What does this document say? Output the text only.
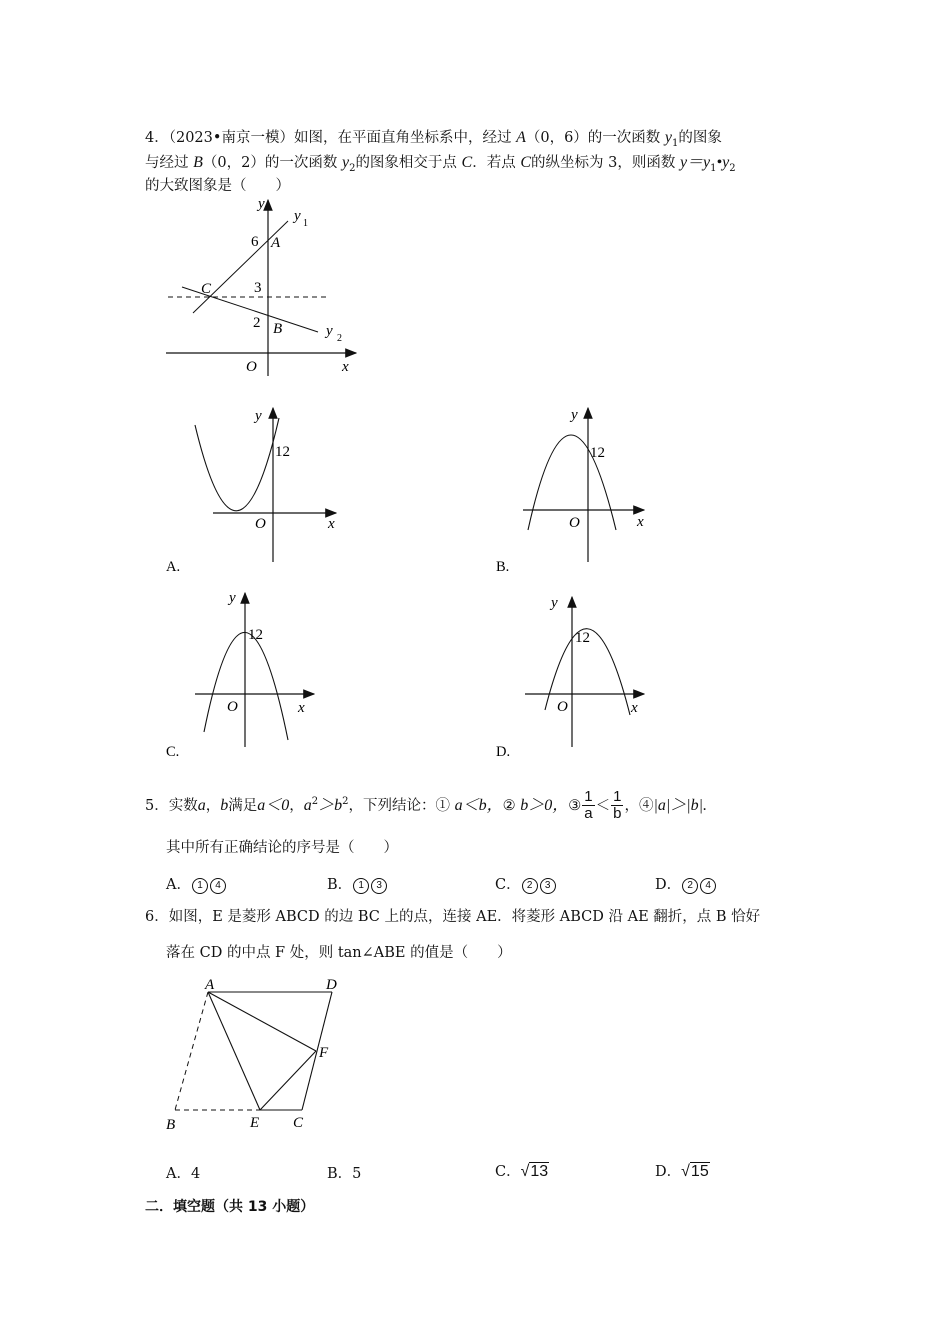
4．（2023•南京一模）如图，在平面直角坐标系中，经过 A（0，6）的一次函数 $y_1$的图象
与经过 B（0，2）的一次函数 $y_2$的图象相交于点 C．若点 C的纵坐标为 3，则函数 $y=y_1•y_2$
的大致图象是（　　）
y
x
O
6 A
3
C
2 B
y 1
y 2
y
12
O	x
A.
y
12
O	x
B.
y
12
O	x
C.
y
12
O	x
D.
5．实数a，b满足a＜0，$a^2>b^2$，下列结论：① a＜b，② b＞0，③ $\frac{1}{a} < \frac{1}{b}$ ，④|a|＞|b|.
其中所有正确结论的序号是（　　）
A． 1 4	B． 1 3	C． 2 3	D． 2 4
6．如图，E 是菱形 ABCD 的边 BC 上的点，连接 AE．将菱形 ABCD 沿 AE 翻折，点 B 恰好
落在 CD 的中点 F 处，则 tan∠ABE 的值是（　　）
A	D
F
B	E C
A．4	B．5	C．√13	D．√15
二．填空题（共 13 小题）
